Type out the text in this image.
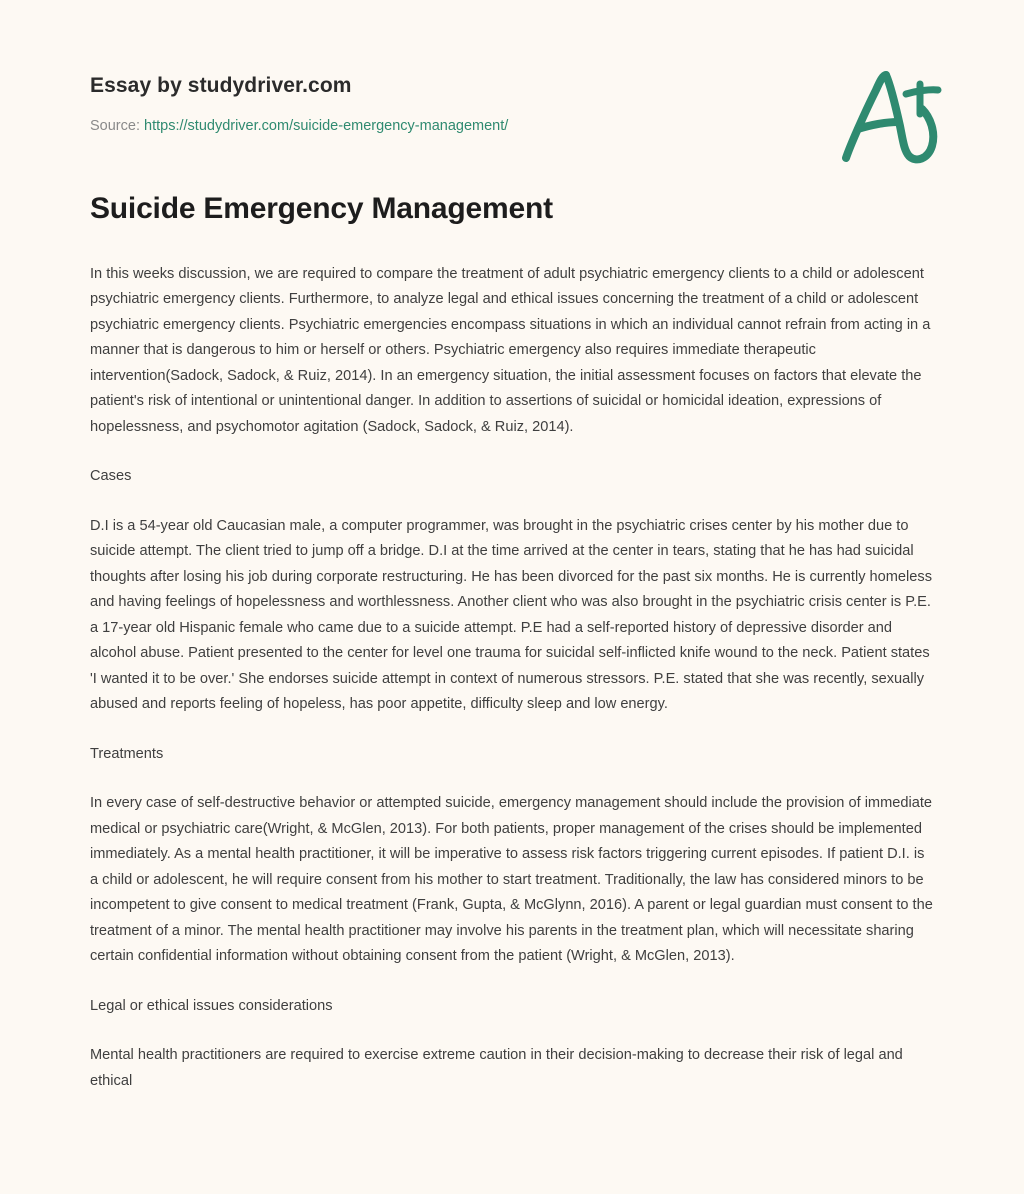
Essay by studydriver.com
Source: https://studydriver.com/suicide-emergency-management/
Suicide Emergency Management

In this weeks discussion, we are required to compare the treatment of adult psychiatric emergency clients to a child or adolescent psychiatric emergency clients. Furthermore, to analyze legal and ethical issues concerning the treatment of a child or adolescent psychiatric emergency clients. Psychiatric emergencies encompass situations in which an individual cannot refrain from acting in a manner that is dangerous to him or herself or others. Psychiatric emergency also requires immediate therapeutic intervention(Sadock, Sadock, & Ruiz, 2014). In an emergency situation, the initial assessment focuses on factors that elevate the patient's risk of intentional or unintentional danger. In addition to assertions of suicidal or homicidal ideation, expressions of hopelessness, and psychomotor agitation (Sadock, Sadock, & Ruiz, 2014).

Cases

D.I is a 54-year old Caucasian male, a computer programmer, was brought in the psychiatric crises center by his mother due to suicide attempt. The client tried to jump off a bridge. D.I at the time arrived at the center in tears, stating that he has had suicidal thoughts after losing his job during corporate restructuring. He has been divorced for the past six months. He is currently homeless and having feelings of hopelessness and worthlessness. Another client who was also brought in the psychiatric crisis center is P.E. a 17-year old Hispanic female who came due to a suicide attempt. P.E had a self-reported history of depressive disorder and alcohol abuse. Patient presented to the center for level one trauma for suicidal self-inflicted knife wound to the neck. Patient states 'I wanted it to be over.' She endorses suicide attempt in context of numerous stressors. P.E. stated that she was recently, sexually abused and reports feeling of hopeless, has poor appetite, difficulty sleep and low energy.

Treatments

In every case of self-destructive behavior or attempted suicide, emergency management should include the provision of immediate medical or psychiatric care(Wright, & McGlen, 2013). For both patients, proper management of the crises should be implemented immediately. As a mental health practitioner, it will be imperative to assess risk factors triggering current episodes. If patient D.I. is a child or adolescent, he will require consent from his mother to start treatment. Traditionally, the law has considered minors to be incompetent to give consent to medical treatment (Frank, Gupta, & McGlynn, 2016). A parent or legal guardian must consent to the treatment of a minor. The mental health practitioner may involve his parents in the treatment plan, which will necessitate sharing certain confidential information without obtaining consent from the patient (Wright, & McGlen, 2013).

Legal or ethical issues considerations

Mental health practitioners are required to exercise extreme caution in their decision-making to decrease their risk of legal and ethical
